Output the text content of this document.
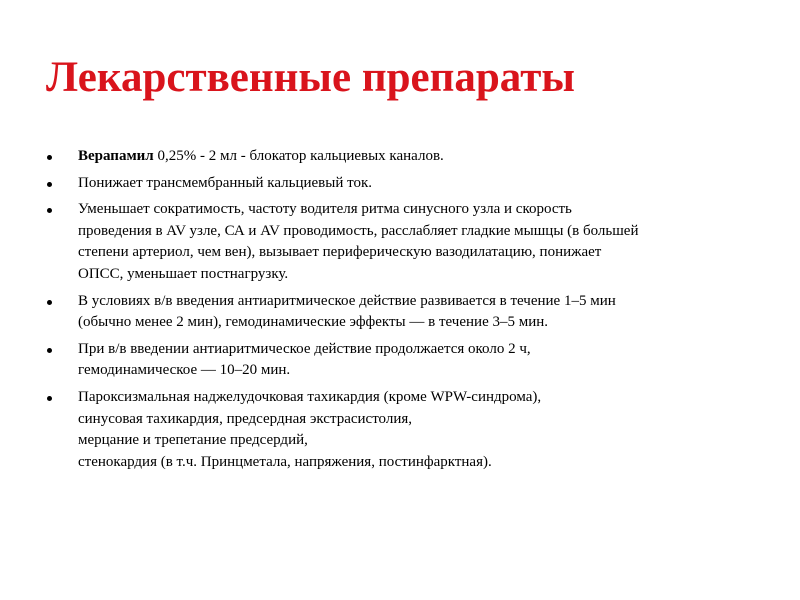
Лекарственные препараты
Верапамил 0,25% - 2 мл - блокатор кальциевых каналов.
Понижает трансмембранный кальциевый ток.
Уменьшает сократимость, частоту водителя ритма синусного узла и скорость
проведения в AV узле, СА и AV проводимость, расслабляет гладкие мышцы (в большей
степени артериол, чем вен), вызывает периферическую вазодилатацию, понижает
ОПСС, уменьшает постнагрузку.
В условиях в/в введения антиаритмическое действие развивается в течение 1–5 мин
(обычно менее 2 мин), гемодинамические эффекты — в течение 3–5 мин.
При в/в введении антиаритмическое действие продолжается около 2 ч,
гемодинамическое — 10–20 мин.
Пароксизмальная наджелудочковая тахикардия (кроме WPW-синдрома),
синусовая тахикардия, предсердная экстрасистолия,
мерцание и трепетание предсердий,
стенокардия (в т.ч. Принцметала, напряжения, постинфарктная).
